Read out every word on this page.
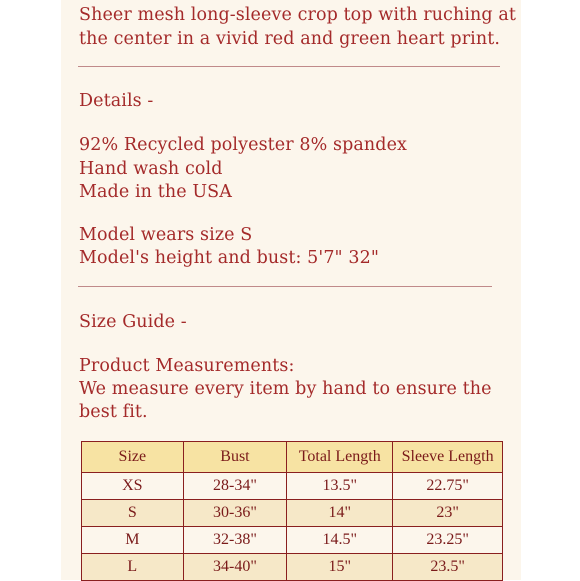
Sheer mesh long-sleeve crop top with ruching at
the center in a vivid red and green heart print.
Details -
92% Recycled polyester 8% spandex
Hand wash cold
Made in the USA
Model wears size S
Model's height and bust: 5'7" 32"
Size Guide -
Product Measurements:
We measure every item by hand to ensure the
best fit.
Size	Bust	Total Length	Sleeve Length
XS	28-34"	13.5"	22.75"
S	30-36"	14"	23"
M	32-38"	14.5"	23.25"
L	34-40"	15"	23.5"
